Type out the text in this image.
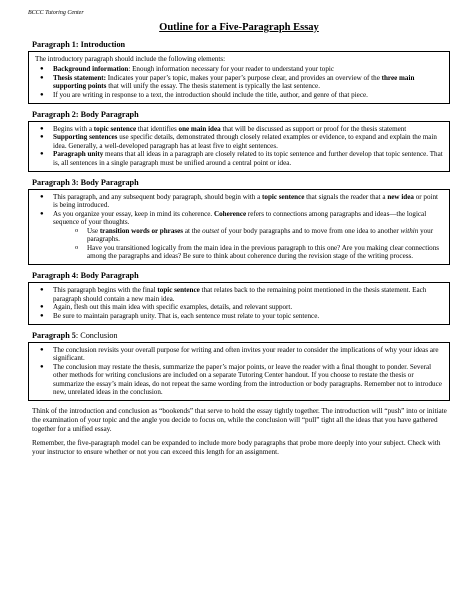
BCCC Tutoring Center
Outline for a Five-Paragraph Essay
Paragraph 1: Introduction

The introductory paragraph should include the following elements:

● Background information: Enough information necessary for your reader to understand your topic
● Thesis statement: Indicates your paper’s topic, makes your paper’s purpose clear, and provides an overview of the three main supporting points that will unify the essay. The thesis statement is typically the last sentence.
● If you are writing in response to a text, the introduction should include the title, author, and genre of that piece.
Paragraph 2: Body Paragraph
● Begins with a topic sentence that identifies one main idea that will be discussed as support or proof for the thesis statement
● Supporting sentences use specific details, demonstrated through closely related examples or evidence, to expand and explain the main idea. Generally, a well-developed paragraph has at least five to eight sentences.
● Paragraph unity means that all ideas in a paragraph are closely related to its topic sentence and further develop that topic sentence. That is, all sentences in a single paragraph must be unified around a central point or idea.
Paragraph 3: Body Paragraph
● This paragraph, and any subsequent body paragraph, should begin with a topic sentence that signals the reader that a new idea or point is being introduced.
● As you organize your essay, keep in mind its coherence. Coherence refers to connections among paragraphs and ideas—the logical sequence of your thoughts.
o Use transition words or phrases at the outset of your body paragraphs and to move from one idea to another within your paragraphs.
o Have you transitioned logically from the main idea in the previous paragraph to this one? Are you making clear connections among the paragraphs and ideas? Be sure to think about coherence during the revision stage of the writing process.
Paragraph 4: Body Paragraph
● This paragraph begins with the final topic sentence that relates back to the remaining point mentioned in the thesis statement. Each paragraph should contain a new main idea.
● Again, flesh out this main idea with specific examples, details, and relevant support.
● Be sure to maintain paragraph unity. That is, each sentence must relate to your topic sentence.
Paragraph 5: Conclusion
● The conclusion revisits your overall purpose for writing and often invites your reader to consider the implications of why your ideas are significant.
● The conclusion may restate the thesis, summarize the paper’s major points, or leave the reader with a final thought to ponder. Several other methods for writing conclusions are included on a separate Tutoring Center handout. If you choose to restate the thesis or summarize the essay’s main ideas, do not repeat the same wording from the introduction or body paragraphs. Remember not to introduce new, unrelated ideas in the conclusion.

Think of the introduction and conclusion as “bookends” that serve to hold the essay tightly together. The introduction will “push” into or initiate the examination of your topic and the angle you decide to focus on, while the conclusion will “pull” tight all the ideas that you have gathered together for a unified essay.

Remember, the five-paragraph model can be expanded to include more body paragraphs that probe more deeply into your subject. Check with your instructor to ensure whether or not you can exceed this length for an assignment.
